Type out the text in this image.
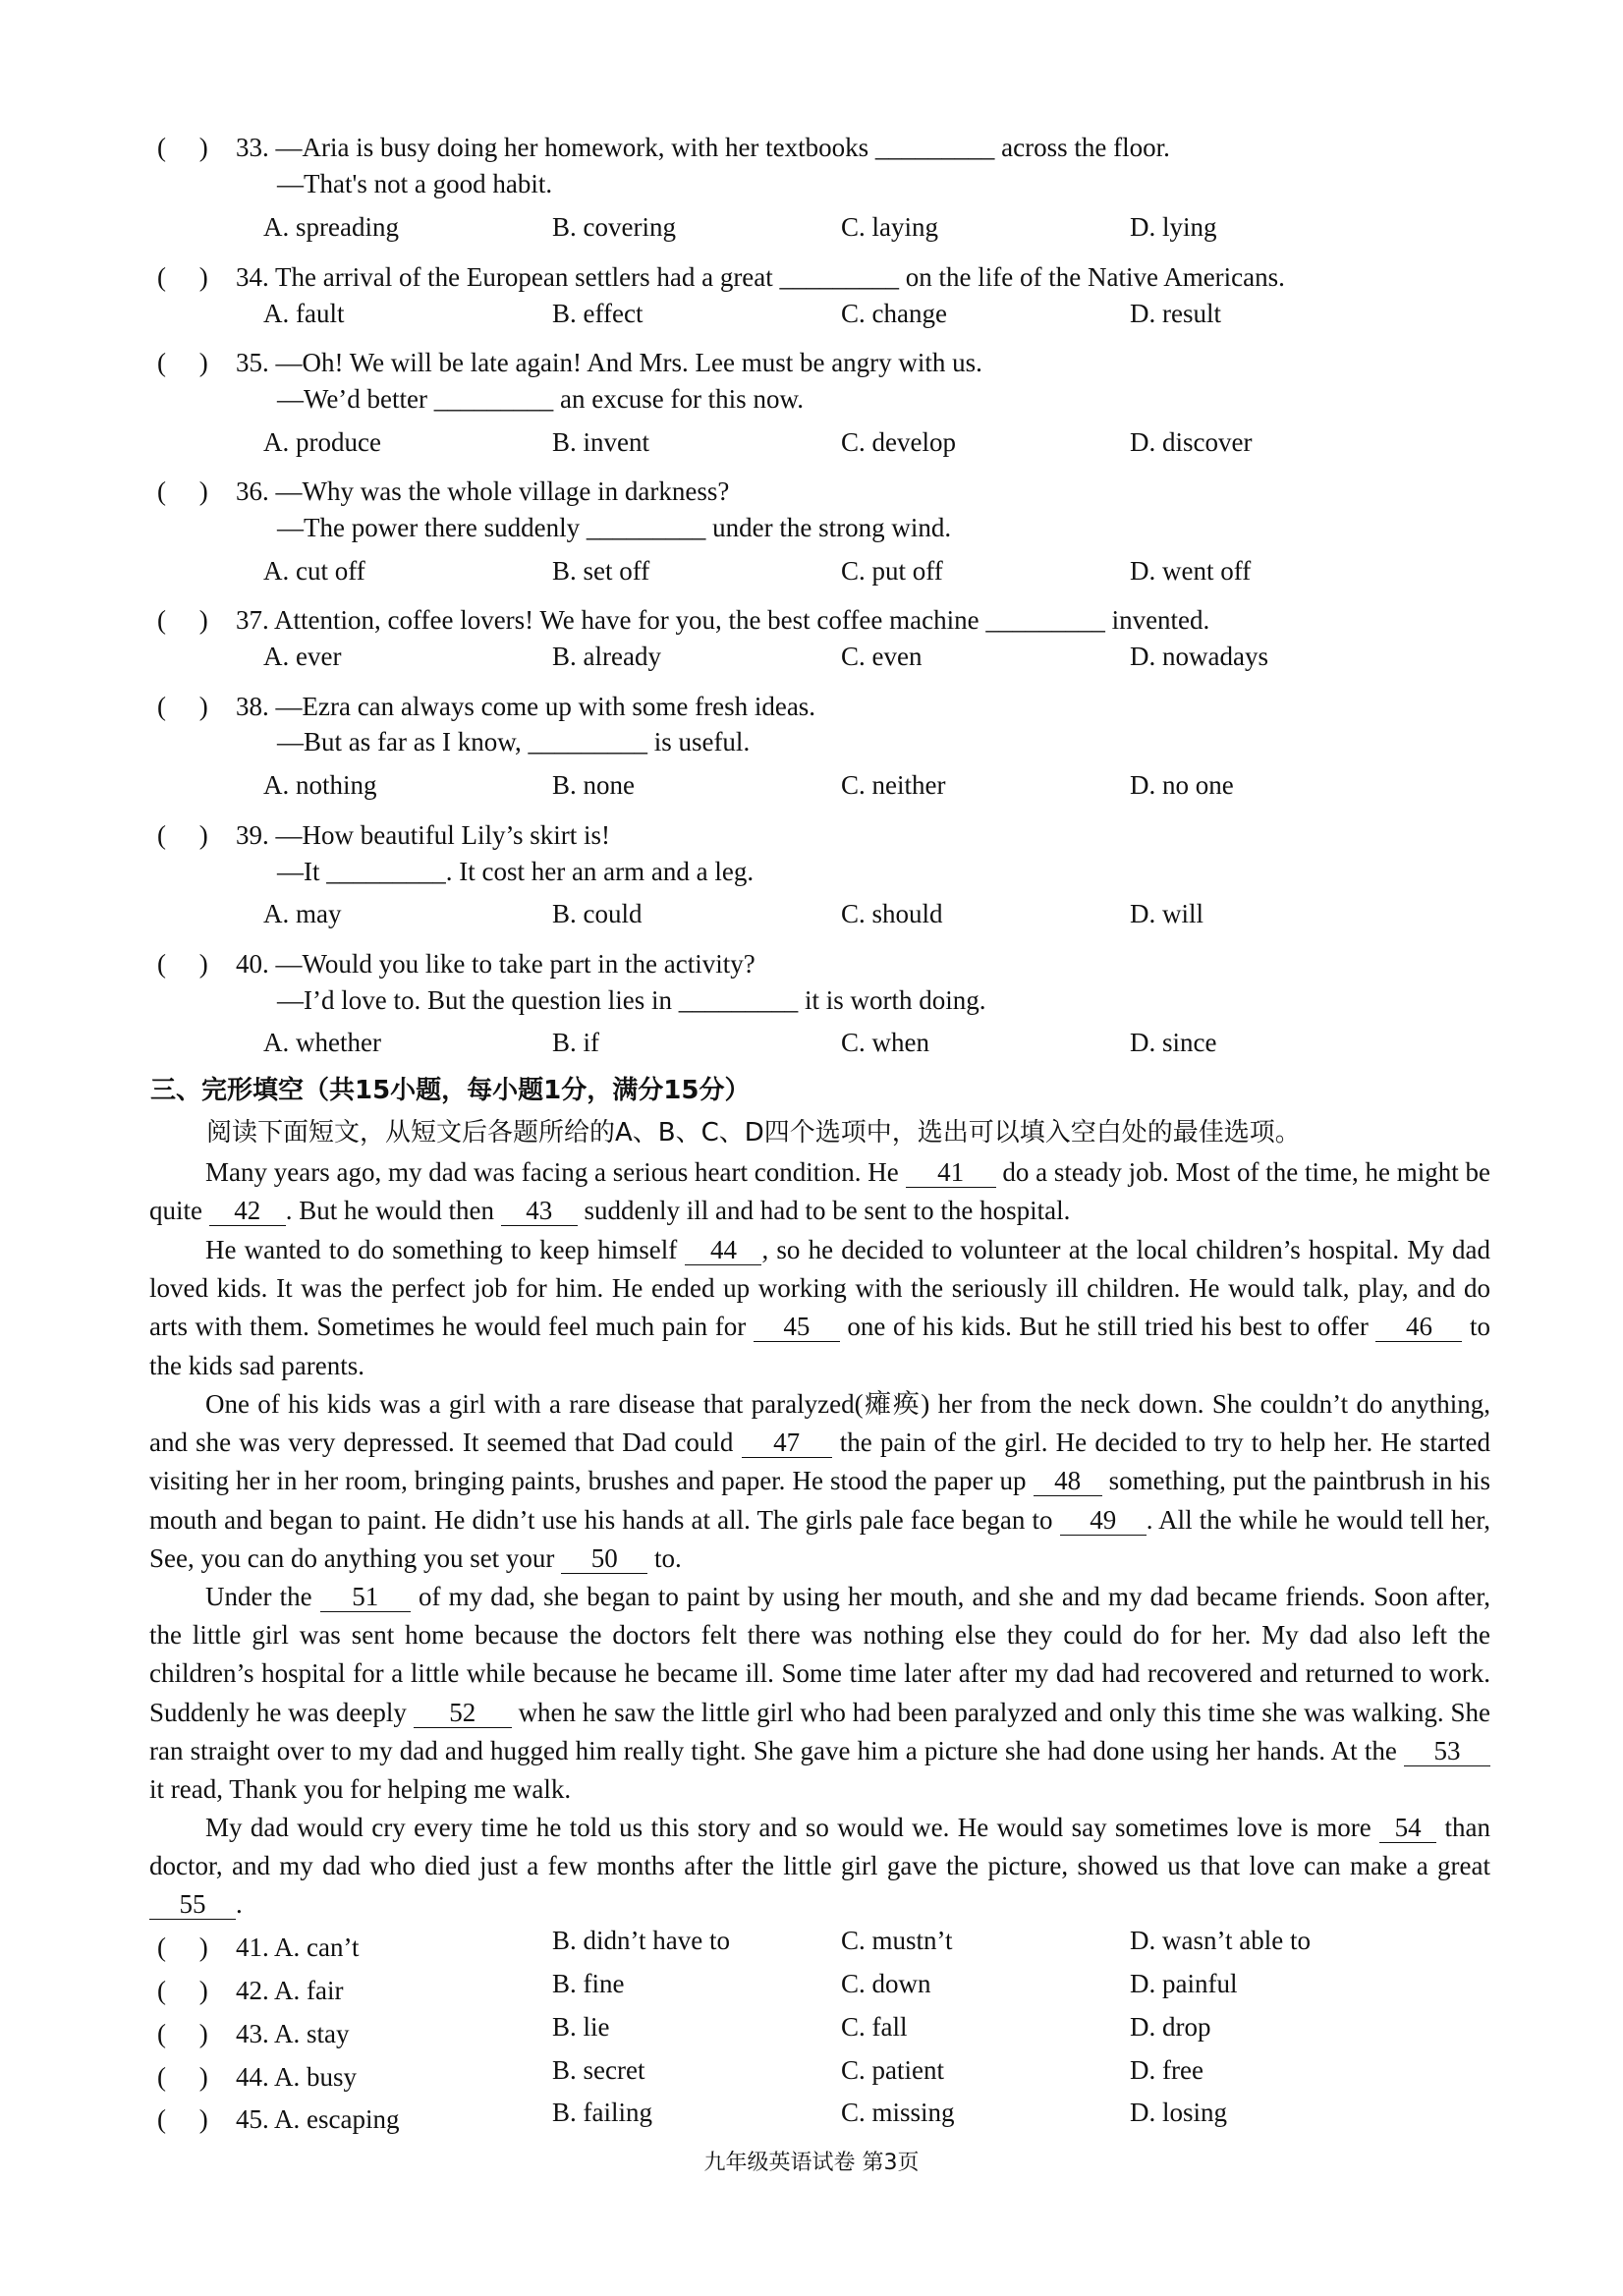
(　 ) 33. —Aria is busy doing her homework, with her textbooks _________ across the floor.
—That's not a good habit.
A. spreading	B. covering	C. laying	D. lying
(　 ) 34. The arrival of the European settlers had a great _________ on the life of the Native Americans.
A. fault	B. effect	C. change	D. result
(　 ) 35. —Oh! We will be late again! And Mrs. Lee must be angry with us.
—We’d better _________ an excuse for this now.
A. produce	B. invent	C. develop	D. discover
(　 ) 36. —Why was the whole village in darkness?
—The power there suddenly _________ under the strong wind.
A. cut off	B. set off	C. put off	D. went off
(　 ) 37. Attention, coffee lovers! We have for you, the best coffee machine _________ invented.
A. ever	B. already	C. even	D. nowadays
(　 ) 38. —Ezra can always come up with some fresh ideas.
—But as far as I know, _________ is useful.
A. nothing	B. none	C. neither	D. no one
(　 ) 39. —How beautiful Lily’s skirt is!
—It _________. It cost her an arm and a leg.
A. may	B. could	C. should	D. will
(　 ) 40. —Would you like to take part in the activity?
—I’d love to. But the question lies in _________ it is worth doing.
A. whether	B. if	C. when	D. since
三、完形填空（共15小题，每小题1分，满分15分）
阅读下面短文，从短文后各题所给的A、B、C、D四个选项中，选出可以填入空白处的最佳选项。
Many years ago, my dad was facing a serious heart condition. He 41 do a steady job. Most of the time, he might be quite 42 . But he would then 43 suddenly ill and had to be sent to the hospital.
He wanted to do something to keep himself 44 , so he decided to volunteer at the local children’s hospital. My dad loved kids. It was the perfect job for him. He ended up working with the seriously ill children. He would talk, play, and do arts with them. Sometimes he would feel much pain for 45 one of his kids. But he still tried his best to offer 46 to the kids sad parents.
One of his kids was a girl with a rare disease that paralyzed(瘫痪) her from the neck down. She couldn’t do anything, and she was very depressed. It seemed that Dad could 47 the pain of the girl. He decided to try to help her. He started visiting her in her room, bringing paints, brushes and paper. He stood the paper up 48 something, put the paintbrush in his mouth and began to paint. He didn’t use his hands at all. The girls pale face began to 49 . All the while he would tell her, See, you can do anything you set your 50 to.
Under the 51 of my dad, she began to paint by using her mouth, and she and my dad became friends. Soon after, the little girl was sent home because the doctors felt there was nothing else they could do for her. My dad also left the children’s hospital for a little while because he became ill. Some time later after my dad had recovered and returned to work. Suddenly he was deeply 52 when he saw the little girl who had been paralyzed and only this time she was walking. She ran straight over to my dad and hugged him really tight. She gave him a picture she had done using her hands. At the 53 it read, Thank you for helping me walk.
My dad would cry every time he told us this story and so would we. He would say sometimes love is more 54 than doctor, and my dad who died just a few months after the little girl gave the picture, showed us that love can make a great 55 .
(　 ) 41. A. can’t	B. didn’t have to	C. mustn’t	D. wasn’t able to
(　 ) 42. A. fair	B. fine	C. down	D. painful
(　 ) 43. A. stay	B. lie	C. fall	D. drop
(　 ) 44. A. busy	B. secret	C. patient	D. free
(　 ) 45. A. escaping	B. failing	C. missing	D. losing
九年级英语试卷 第3页
